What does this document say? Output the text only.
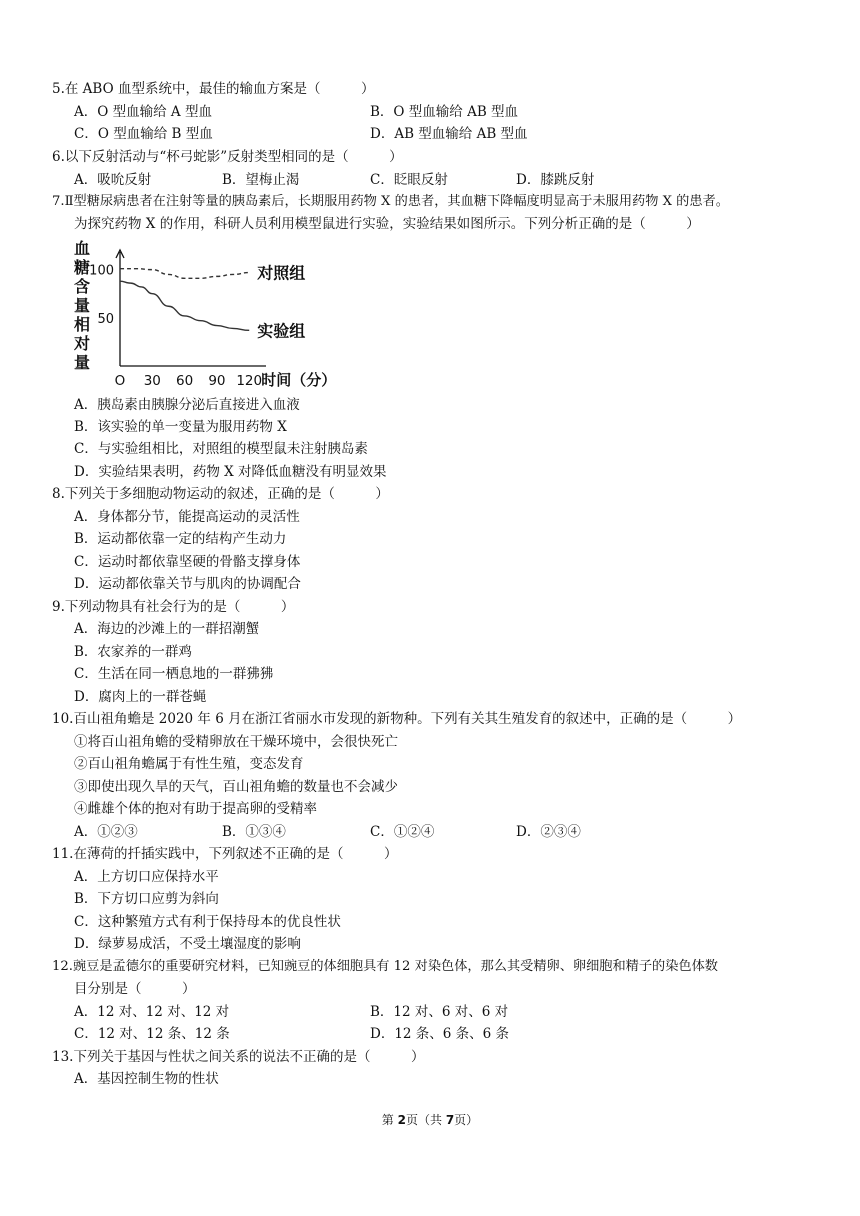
5.在 ABO 血型系统中，最佳的输血方案是（　　　）
A．O 型血输给 A 型血	B．O 型血输给 AB 型血
C．O 型血输给 B 型血	D．AB 型血输给 AB 型血
6.以下反射活动与“杯弓蛇影”反射类型相同的是（　　　）
A．吸吮反射	B．望梅止渴	C．眨眼反射	D．膝跳反射
7.Ⅱ型糖尿病患者在注射等量的胰岛素后，长期服用药物 X 的患者，其血糖下降幅度明显高于未服用药物 X 的患者。
为探究药物 X 的作用，科研人员利用模型鼠进行实验，实验结果如图所示。下列分析正确的是（　　　）
血
糖
含
量
相
对
量
100
50
O 30 60 90 120 时间（分）
对照组
实验组
A．胰岛素由胰腺分泌后直接进入血液
B．该实验的单一变量为服用药物 X
C．与实验组相比，对照组的模型鼠未注射胰岛素
D．实验结果表明，药物 X 对降低血糖没有明显效果
8.下列关于多细胞动物运动的叙述，正确的是（　　　）
A．身体都分节，能提高运动的灵活性
B．运动都依靠一定的结构产生动力
C．运动时都依靠坚硬的骨骼支撑身体
D．运动都依靠关节与肌肉的协调配合
9.下列动物具有社会行为的是（　　　）
A．海边的沙滩上的一群招潮蟹
B．农家养的一群鸡
C．生活在同一栖息地的一群狒狒
D．腐肉上的一群苍蝇
10.百山祖角蟾是 2020 年 6 月在浙江省丽水市发现的新物种。下列有关其生殖发育的叙述中，正确的是（　　　）
①将百山祖角蟾的受精卵放在干燥环境中，会很快死亡
②百山祖角蟾属于有性生殖，变态发育
③即使出现久旱的天气，百山祖角蟾的数量也不会减少
④雌雄个体的抱对有助于提高卵的受精率
A．①②③	B．①③④	C．①②④	D．②③④
11.在薄荷的扦插实践中，下列叙述不正确的是（　　　）
A．上方切口应保持水平
B．下方切口应剪为斜向
C．这种繁殖方式有利于保持母本的优良性状
D．绿萝易成活，不受土壤湿度的影响
12.豌豆是孟德尔的重要研究材料，已知豌豆的体细胞具有 12 对染色体，那么其受精卵、卵细胞和精子的染色体数
目分别是（　　　）
A．12 对、12 对、12 对	B．12 对、6 对、6 对
C．12 对、12 条、12 条	D．12 条、6 条、6 条
13.下列关于基因与性状之间关系的说法不正确的是（　　　）
A．基因控制生物的性状
第 2页（共 7页）
